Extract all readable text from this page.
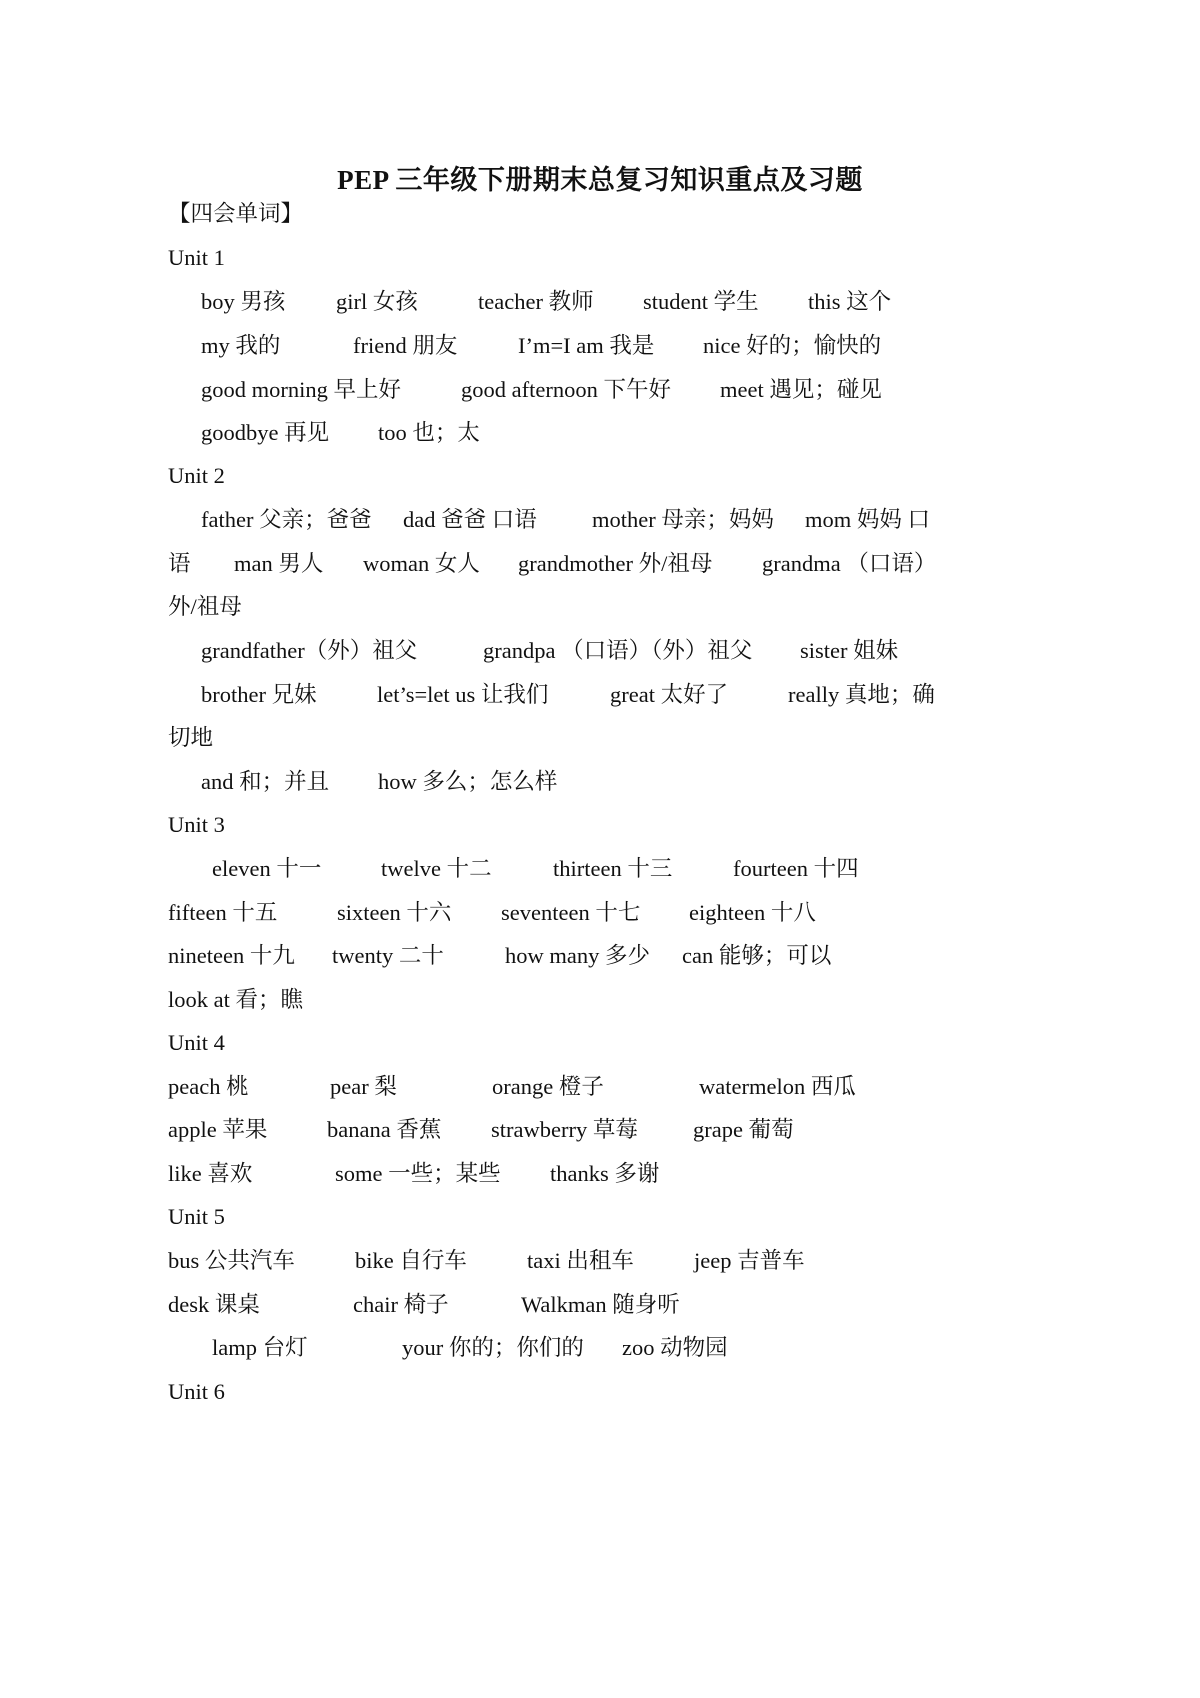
PEP 三年级下册期末总复习知识重点及习题
【四会单词】
Unit 1
boy 男孩 girl 女孩	teacher 教师 student 学生 this 这个
my 我的	friend 朋友	I’m=I am 我是 nice 好的；愉快的
good morning 早上好	good afternoon 下午好 meet 遇见；碰见
goodbye 再见 too 也；太
Unit 2
father 父亲；爸爸 dad 爸爸 口语 mother 母亲；妈妈 mom 妈妈 口
语 man 男人 woman 女人 grandmother 外/祖母 grandma （口语）
外/祖母
grandfather（外）祖父	grandpa （口语）（外）祖父 sister 姐妹
brother 兄妹	let’s=let us 让我们	great 太好了	really 真地；确
切地
and 和；并且 how 多么；怎么样
Unit 3
eleven 十一	twelve 十二	thirteen 十三	fourteen 十四
fifteen 十五	sixteen 十六 seventeen 十七 eighteen 十八
nineteen 十九 twenty 二十	how many 多少 can 能够；可以
look at 看；瞧
Unit 4
peach 桃	pear 梨	orange 橙子	watermelon 西瓜
apple 苹果	banana 香蕉 strawberry 草莓 grape 葡萄
like 喜欢	some 一些；某些 thanks 多谢
Unit 5
bus 公共汽车	bike 自行车	taxi 出租车	jeep 吉普车
desk 课桌	chair 椅子	Walkman 随身听
lamp 台灯	your 你的；你们的 zoo 动物园
Unit 6
